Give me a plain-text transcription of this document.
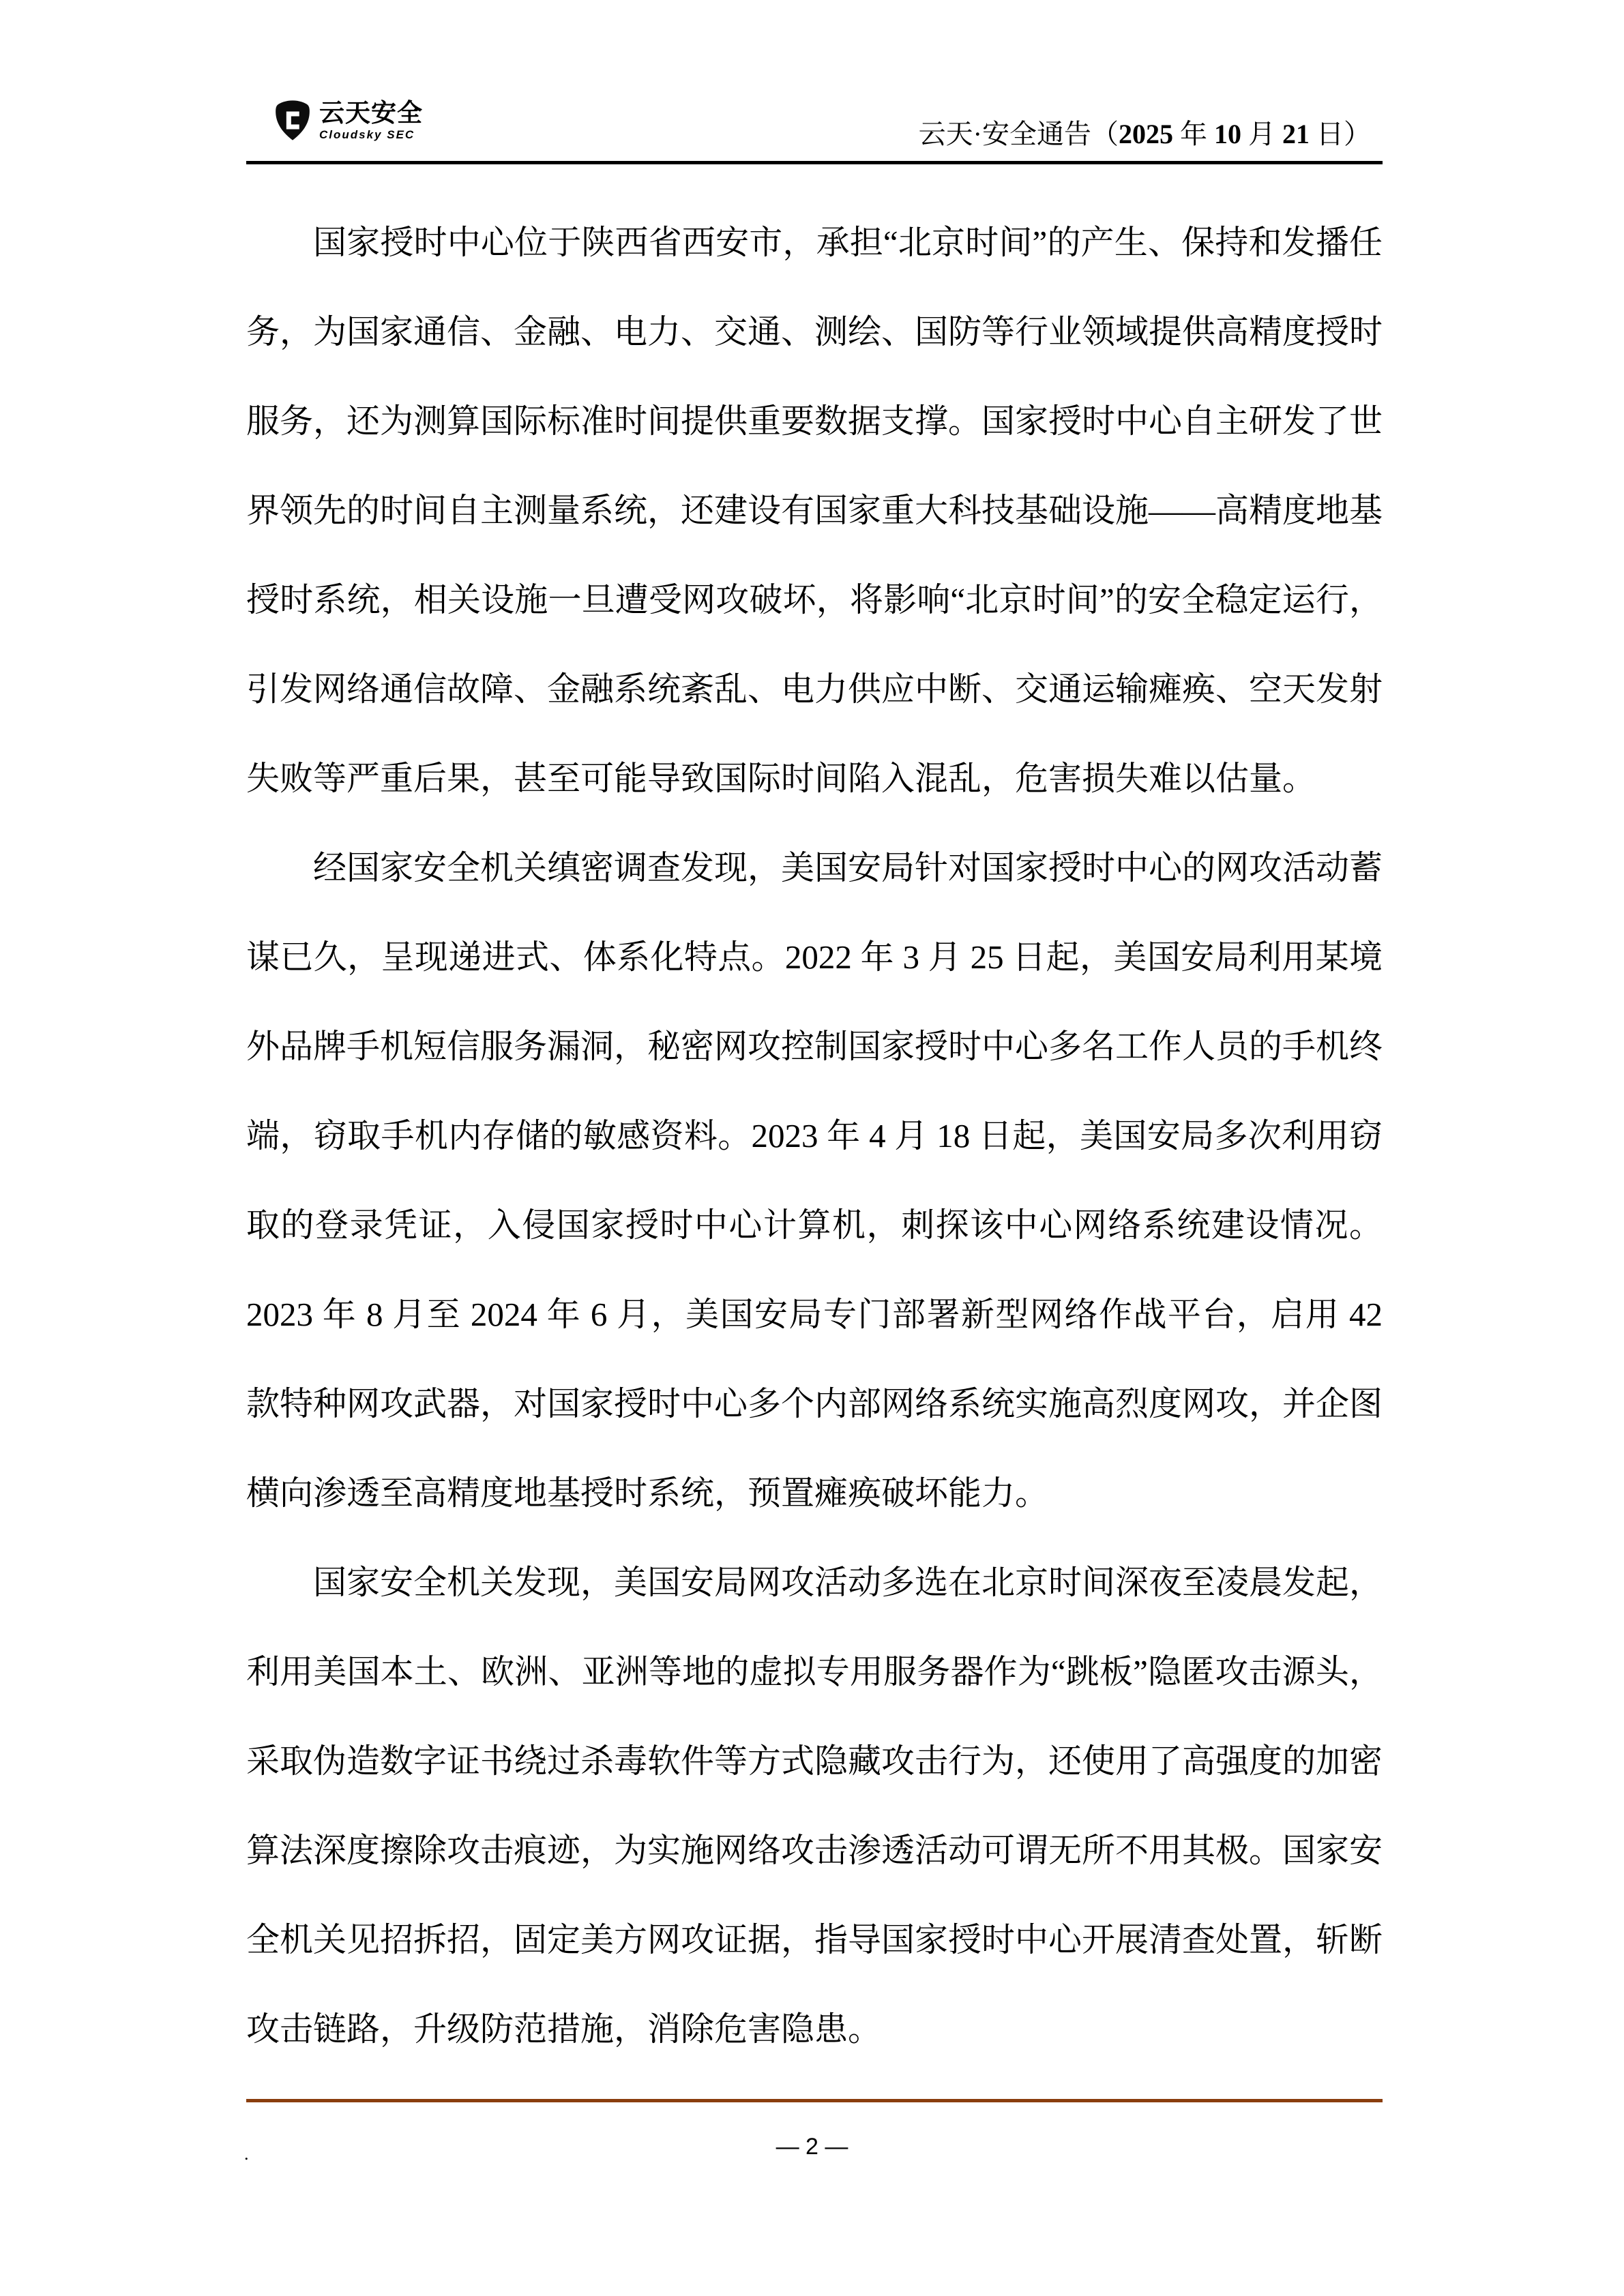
云天安全
Cloudsky SEC	云天·安全通告（2025 年 10 月 21 日）

国家授时中心位于陕西省西安市，承担“北京时间”的产生、保持和发播任务，为国家通信、金融、电力、交通、测绘、国防等行业领域提供高精度授时服务，还为测算国际标准时间提供重要数据支撑。国家授时中心自主研发了世界领先的时间自主测量系统，还建设有国家重大科技基础设施——高精度地基授时系统，相关设施一旦遭受网攻破坏，将影响“北京时间”的安全稳定运行，引发网络通信故障、金融系统紊乱、电力供应中断、交通运输瘫痪、空天发射失败等严重后果，甚至可能导致国际时间陷入混乱，危害损失难以估量。

经国家安全机关缜密调查发现，美国安局针对国家授时中心的网攻活动蓄谋已久，呈现递进式、体系化特点。2022 年 3 月 25 日起，美国安局利用某境外品牌手机短信服务漏洞，秘密网攻控制国家授时中心多名工作人员的手机终端，窃取手机内存储的敏感资料。2023 年 4 月 18 日起，美国安局多次利用窃取的登录凭证，入侵国家授时中心计算机，刺探该中心网络系统建设情况。2023 年 8 月至 2024 年 6 月，美国安局专门部署新型网络作战平台，启用 42 款特种网攻武器，对国家授时中心多个内部网络系统实施高烈度网攻，并企图横向渗透至高精度地基授时系统，预置瘫痪破坏能力。

国家安全机关发现，美国安局网攻活动多选在北京时间深夜至凌晨发起，利用美国本土、欧洲、亚洲等地的虚拟专用服务器作为“跳板”隐匿攻击源头，采取伪造数字证书绕过杀毒软件等方式隐藏攻击行为，还使用了高强度的加密算法深度擦除攻击痕迹，为实施网络攻击渗透活动可谓无所不用其极。国家安全机关见招拆招，固定美方网攻证据，指导国家授时中心开展清查处置，斩断攻击链路，升级防范措施，消除危害隐患。

.	— 2 —
